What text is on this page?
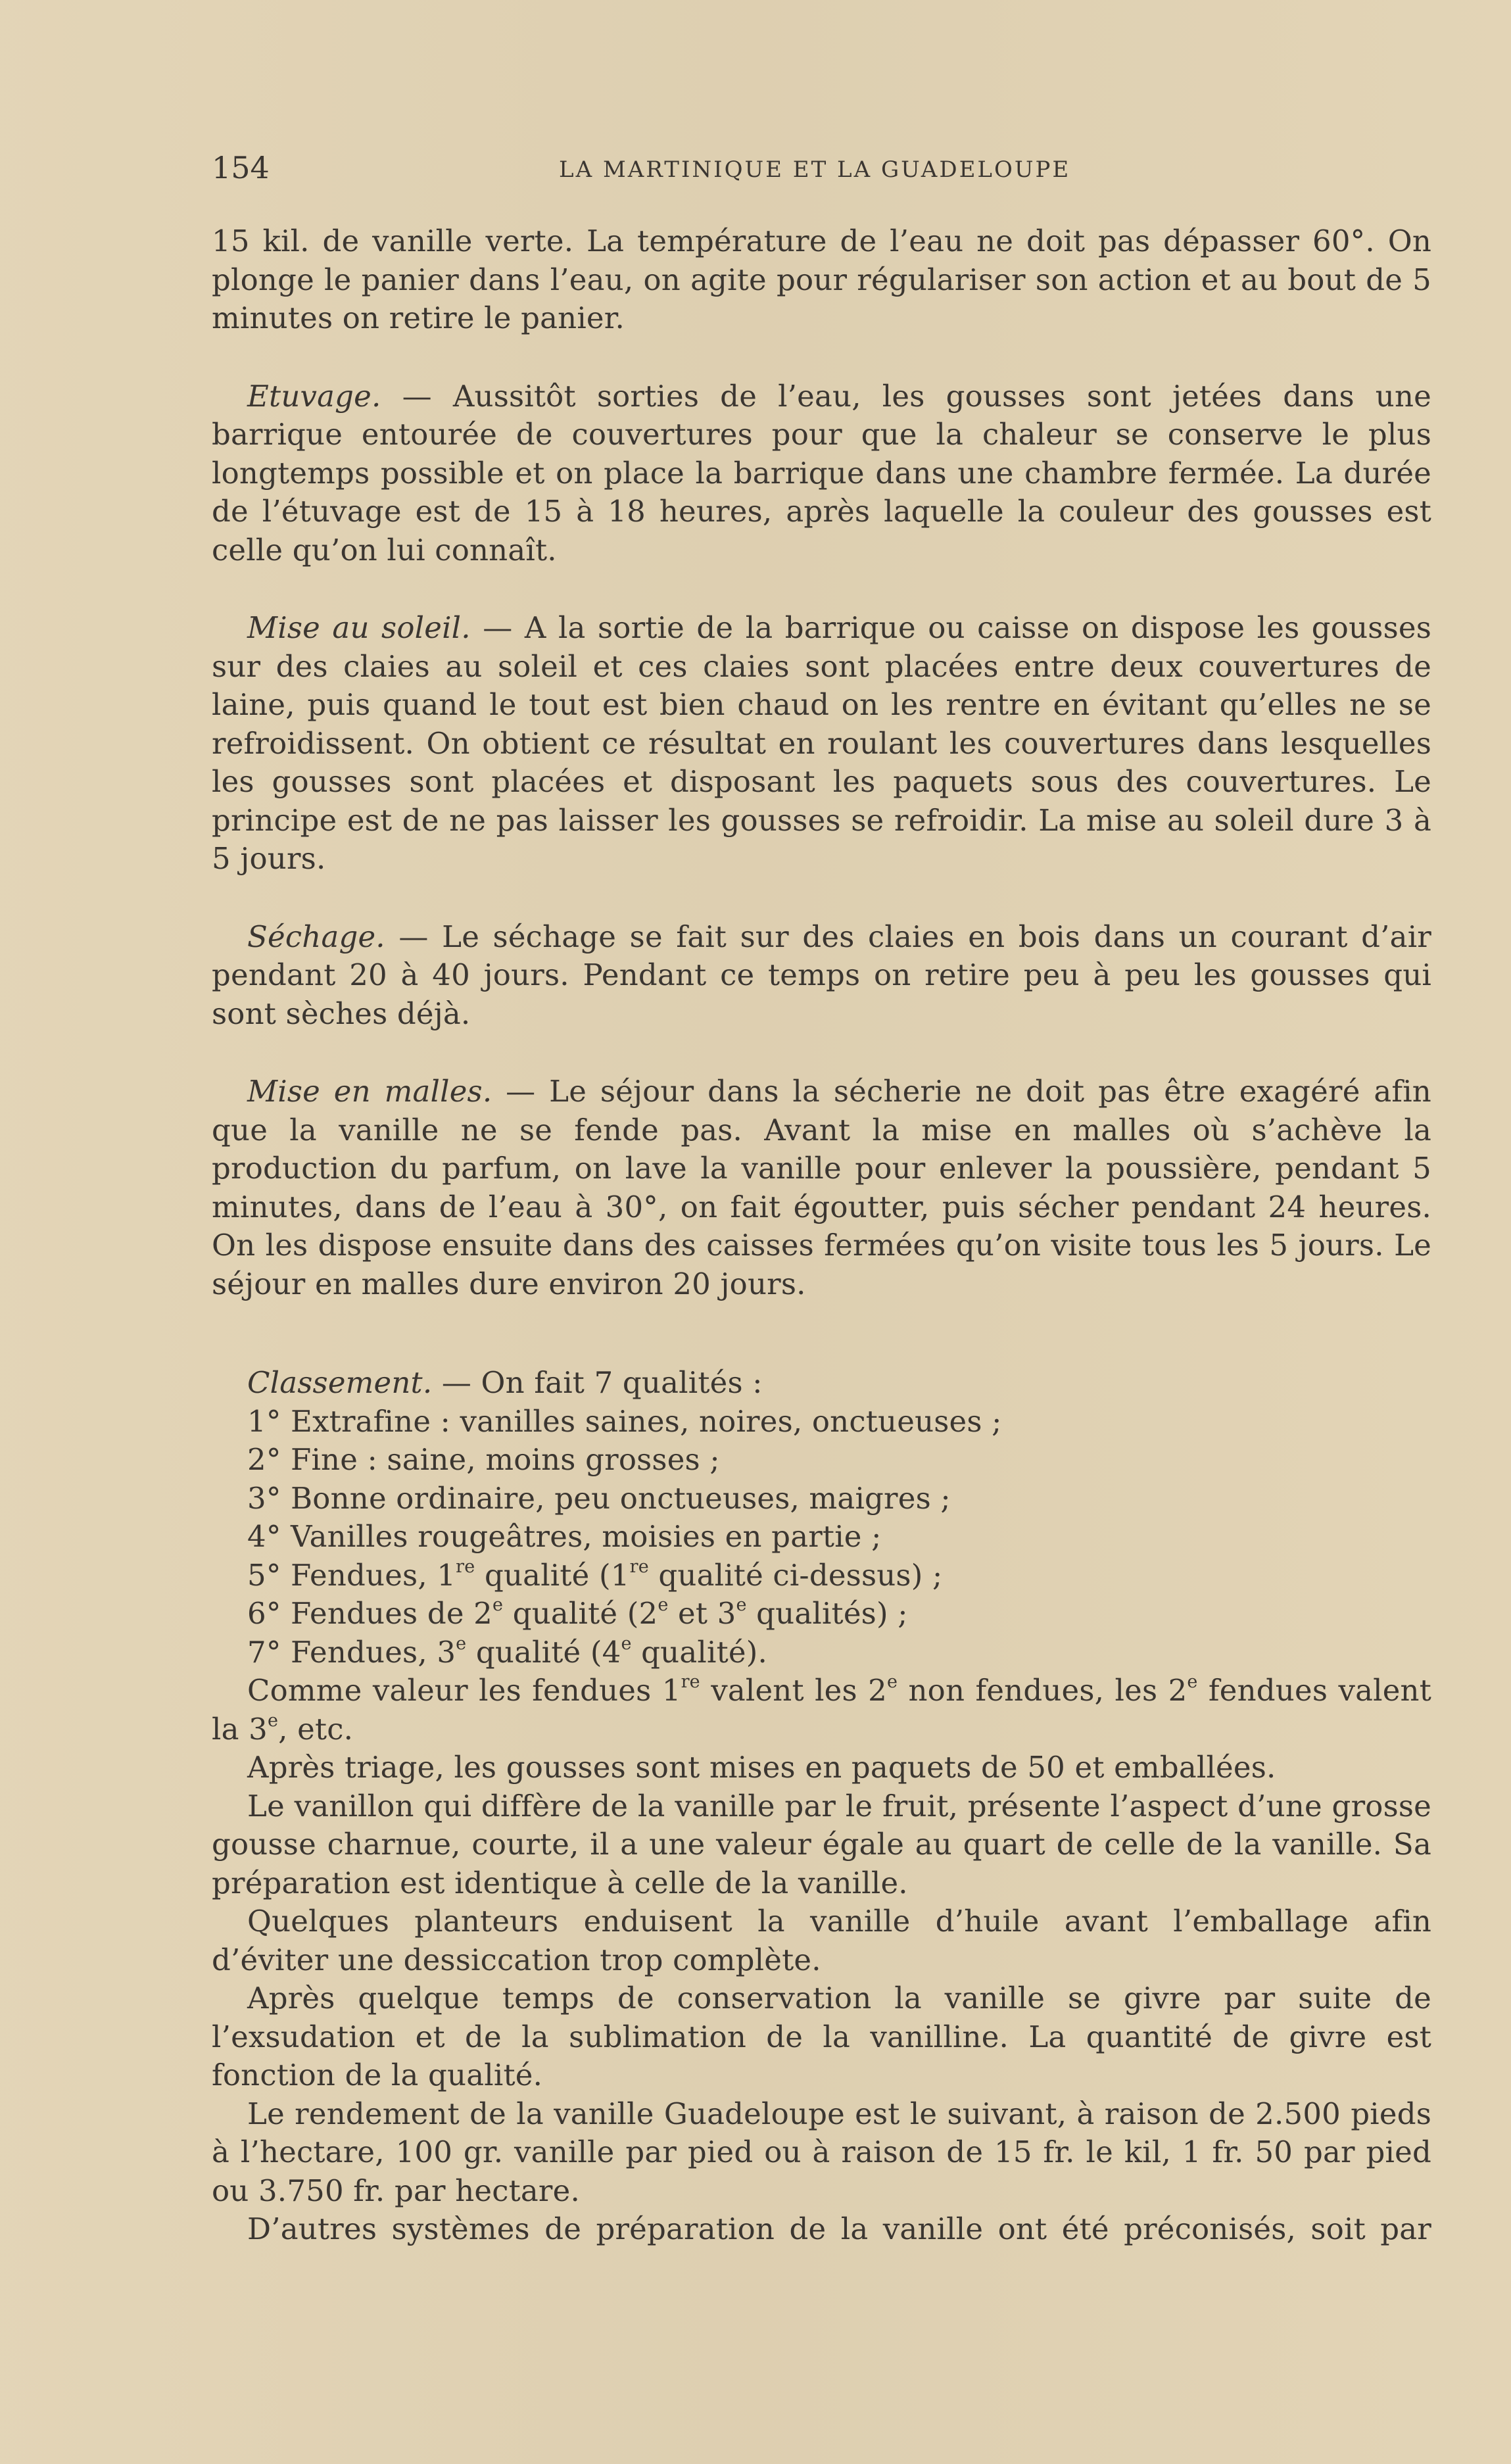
154	LA MARTINIQUE ET LA GUADELOUPE

15 kil. de vanille verte. La température de l’eau ne doit pas dépasser 60°. On plonge le panier dans l’eau, on agite pour régulariser son action et au bout de 5 minutes on retire le panier.

Etuvage. — Aussitôt sorties de l’eau, les gousses sont jetées dans une barrique entourée de couvertures pour que la chaleur se conserve le plus longtemps possible et on place la barrique dans une chambre fermée. La durée de l’étuvage est de 15 à 18 heures, après laquelle la couleur des gousses est celle qu’on lui connaît.

Mise au soleil. — A la sortie de la barrique ou caisse on dispose les gousses sur des claies au soleil et ces claies sont placées entre deux couvertures de laine, puis quand le tout est bien chaud on les rentre en évitant qu’elles ne se refroidissent. On obtient ce résultat en roulant les couvertures dans lesquelles les gousses sont placées et disposant les paquets sous des couvertures. Le principe est de ne pas laisser les gousses se refroidir. La mise au soleil dure 3 à 5 jours.

Séchage. — Le séchage se fait sur des claies en bois dans un courant d’air pendant 20 à 40 jours. Pendant ce temps on retire peu à peu les gousses qui sont sèches déjà.

Mise en malles. — Le séjour dans la sécherie ne doit pas être exagéré afin que la vanille ne se fende pas. Avant la mise en malles où s’achève la production du parfum, on lave la vanille pour enlever la poussière, pendant 5 minutes, dans de l’eau à 30°, on fait égoutter, puis sécher pendant 24 heures. On les dispose ensuite dans des caisses fermées qu’on visite tous les 5 jours. Le séjour en malles dure environ 20 jours.

Classement. — On fait 7 qualités :

1° Extrafine : vanilles saines, noires, onctueuses ;
2° Fine : saine, moins grosses ;
3° Bonne ordinaire, peu onctueuses, maigres ;
4° Vanilles rougeâtres, moisies en partie ;
5° Fendues, 1re qualité (1re qualité ci-dessus) ;
6° Fendues de 2e qualité (2e et 3e qualités) ;
7° Fendues, 3e qualité (4e qualité).

Comme valeur les fendues 1re valent les 2e non fendues, les 2e fendues valent la 3e, etc.

Après triage, les gousses sont mises en paquets de 50 et emballées.

Le vanillon qui diffère de la vanille par le fruit, présente l’aspect d’une grosse gousse charnue, courte, il a une valeur égale au quart de celle de la vanille. Sa préparation est identique à celle de la vanille.

Quelques planteurs enduisent la vanille d’huile avant l’emballage afin d’éviter une dessiccation trop complète.

Après quelque temps de conservation la vanille se givre par suite de l’exsudation et de la sublimation de la vanilline. La quantité de givre est fonction de la qualité.

Le rendement de la vanille Guadeloupe est le suivant, à raison de 2.500 pieds à l’hectare, 100 gr. vanille par pied ou à raison de 15 fr. le kil, 1 fr. 50 par pied ou 3.750 fr. par hectare.

D’autres systèmes de préparation de la vanille ont été préconisés, soit par
